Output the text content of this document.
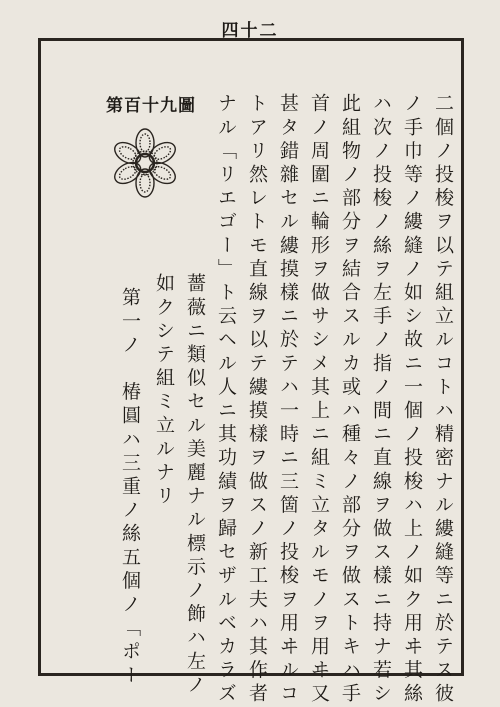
四十二
第百十九圖	二個ノ投梭ヲ以テ組立ルコトハ精密ナル縷縫等ニ於テス彼
ノ手巾等ノ縷縫ノ如シ故ニ一個ノ投梭ハ上ノ如ク用ヰ其絲
ハ次ノ投梭ノ絲ヲ左手ノ指ノ間ニ直線ヲ做ス樣ニ持ナ若シ
此組物ノ部分ヲ結合スルカ或ハ種々ノ部分ヲ做ストキハ手
首ノ周圍ニ輪形ヲ做サシメ其上ニ組ミ立タルモノヲ用ヰ又
甚タ錯雜セル縷摸樣ニ於テハ一時ニ三箇ノ投梭ヲ用ヰルコ
トアリ然レトモ直線ヲ以テ縷摸樣ヲ做スノ新工夫ハ其作者
ナル「リエゴー」ト云ヘル人ニ其功績ヲ歸セザルベカラズ
薔薇ニ類似セル美麗ナル標示ノ飾ハ左ノ
如クシテ組ミ立ルナリ
第一ノ　椿圓ハ三重ノ絲五個ノ「ポー
